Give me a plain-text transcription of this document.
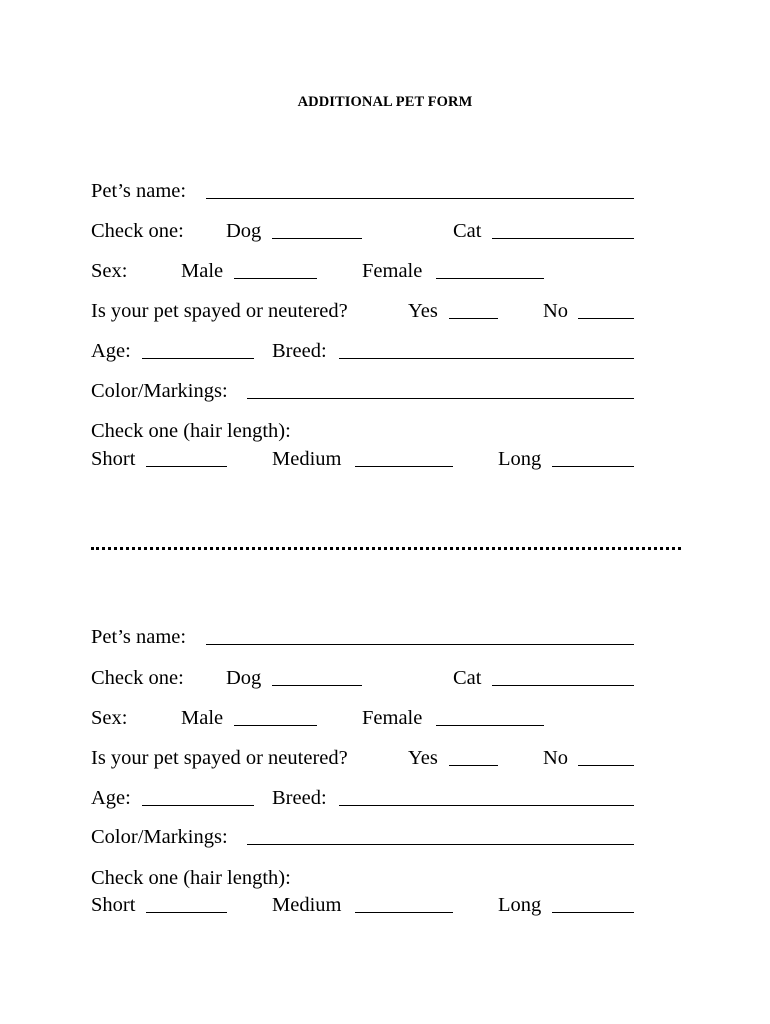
ADDITIONAL PET FORM
Pet’s name:
Check one: Dog	Cat
Sex:	Male	Female
Is your pet spayed or neutered?	Yes	No
Age:	Breed:
Color/Markings:
Check one (hair length):
Short	Medium	Long
Pet’s name:
Check one: Dog	Cat
Sex:	Male	Female
Is your pet spayed or neutered?	Yes	No
Age:	Breed:
Color/Markings:
Check one (hair length):
Short	Medium	Long
